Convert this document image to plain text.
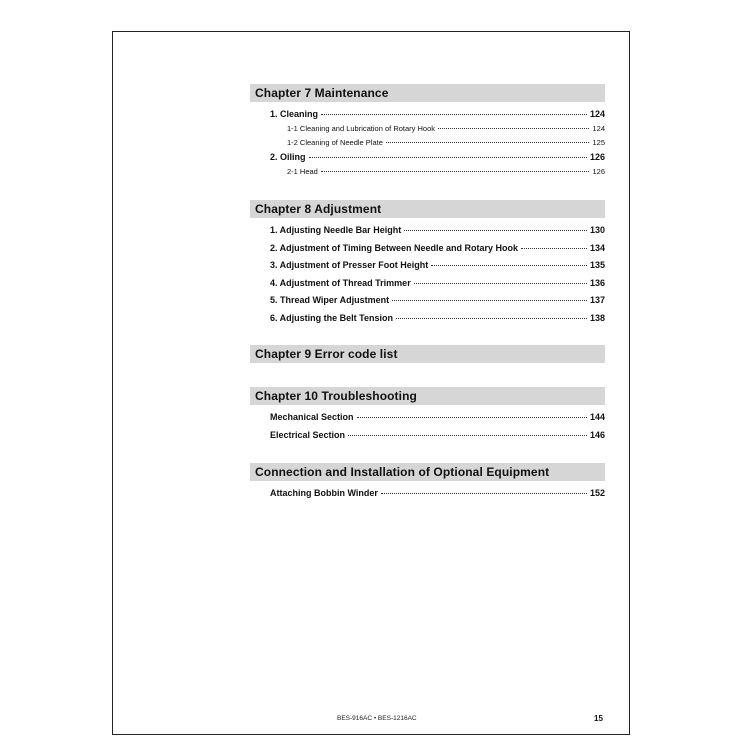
Chapter 7 Maintenance
1. Cleaning	124
1-1 Cleaning and Lubrication of Rotary Hook	124
1-2 Cleaning of Needle Plate	125
2. Oiling	126
2-1 Head	126
Chapter 8 Adjustment
1. Adjusting Needle Bar Height	130
2. Adjustment of Timing Between Needle and Rotary Hook	134
3. Adjustment of Presser Foot Height	135
4. Adjustment of Thread Trimmer	136
5. Thread Wiper Adjustment	137
6. Adjusting the Belt Tension	138
Chapter 9 Error code list
Chapter 10 Troubleshooting
Mechanical Section	144
Electrical Section	146
Connection and Installation of Optional Equipment
Attaching Bobbin Winder	152
BES-916AC • BES-1216AC	15
